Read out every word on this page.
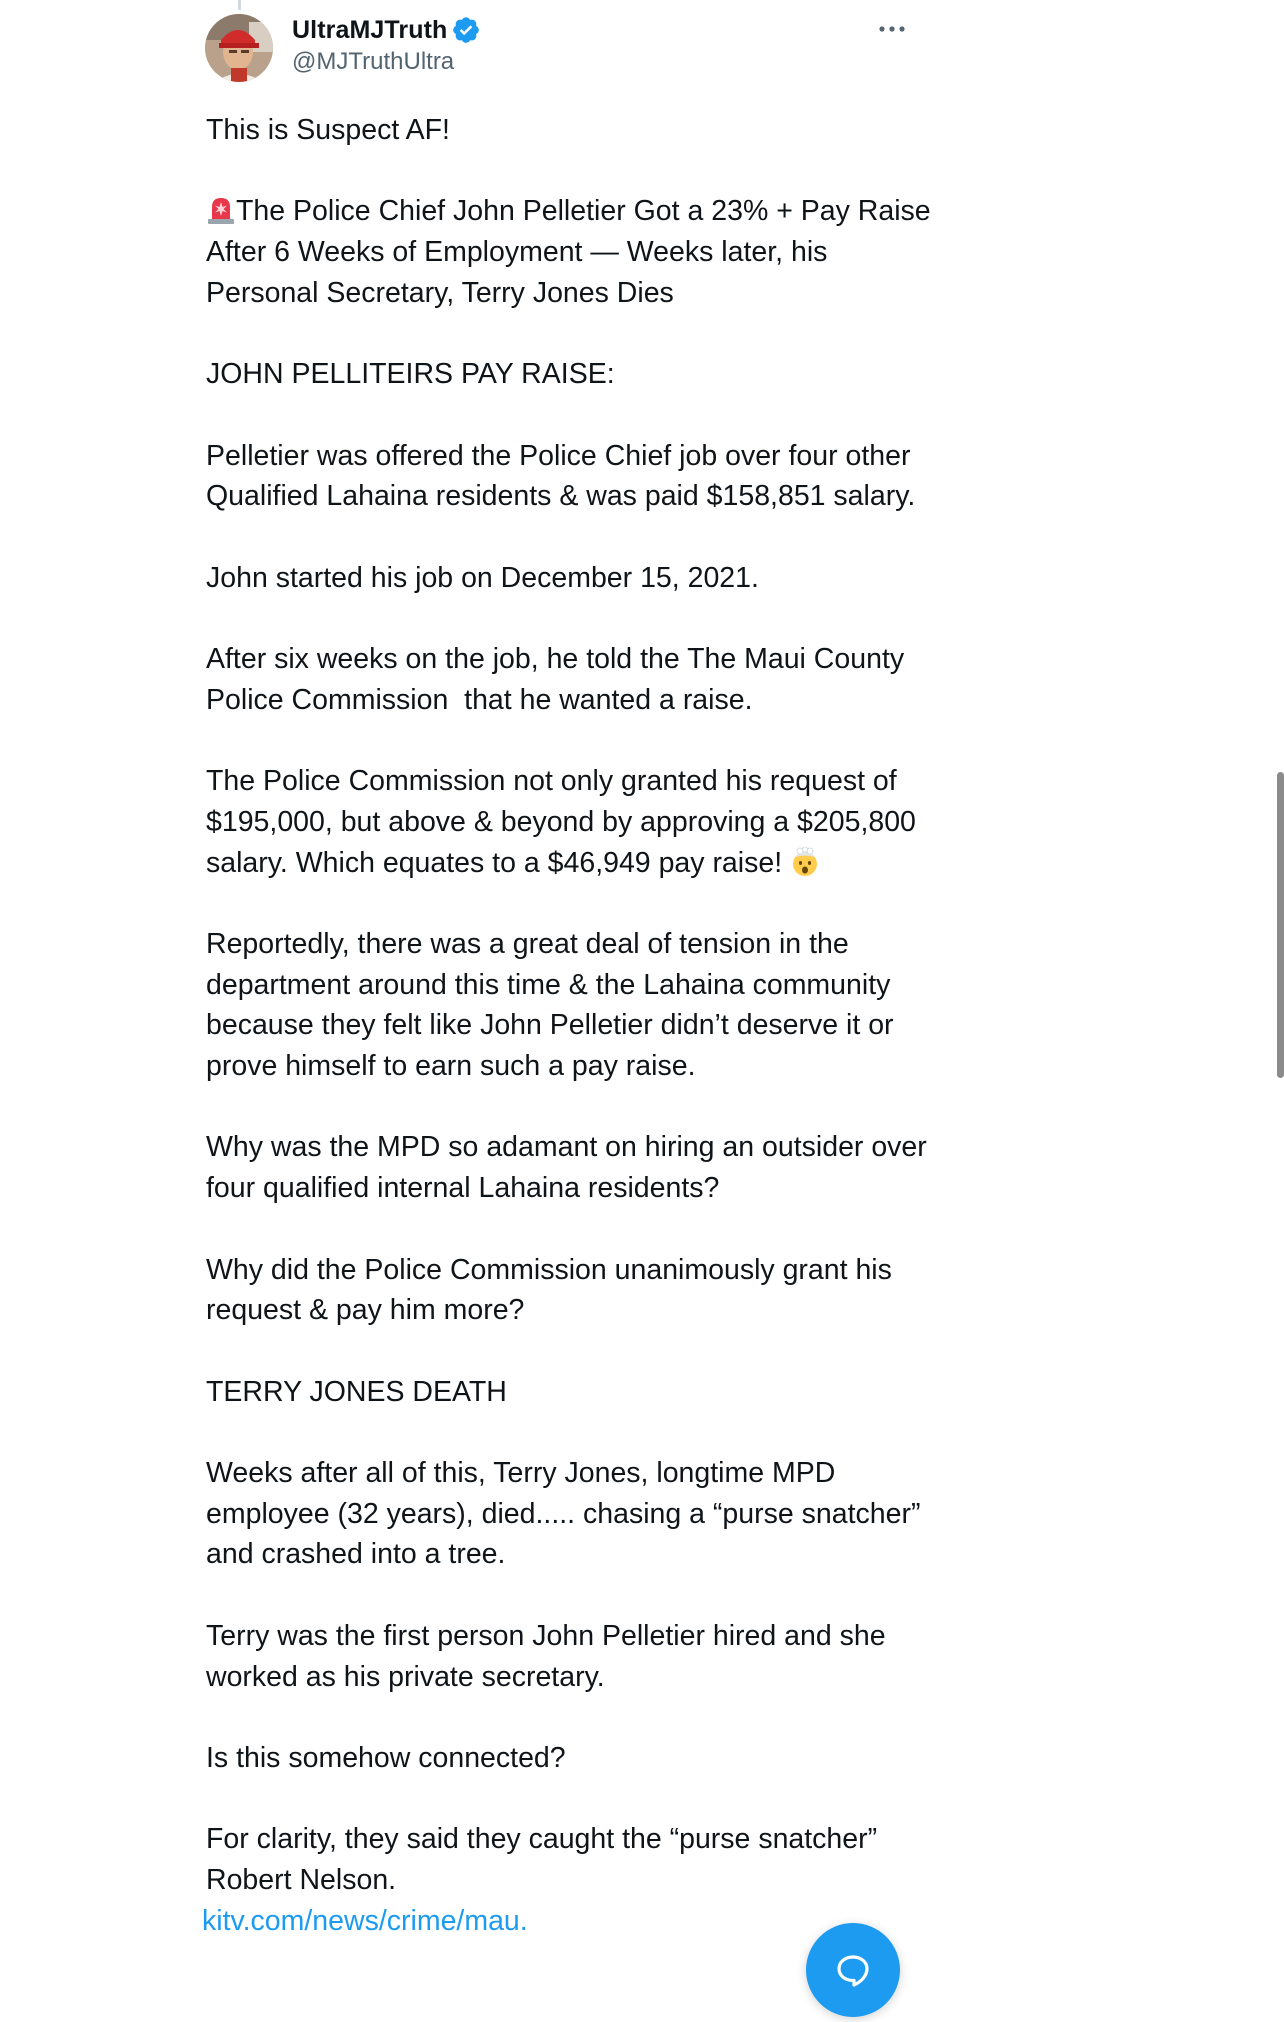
UltraMJTruth
@MJTruthUltra

This is Suspect AF!

The Police Chief John Pelletier Got a 23% + Pay Raise After 6 Weeks of Employment — Weeks later, his Personal Secretary, Terry Jones Dies

JOHN PELLITEIRS PAY RAISE:

Pelletier was offered the Police Chief job over four other Qualified Lahaina residents & was paid $158,851 salary.

John started his job on December 15, 2021.

After six weeks on the job, he told the The Maui County Police Commission  that he wanted a raise.

The Police Commission not only granted his request of $195,000, but above & beyond by approving a $205,800 salary. Which equates to a $46,949 pay raise!

Reportedly, there was a great deal of tension in the department around this time & the Lahaina community because they felt like John Pelletier didn’t deserve it or prove himself to earn such a pay raise.

Why was the MPD so adamant on hiring an outsider over four qualified internal Lahaina residents?

Why did the Police Commission unanimously grant his request & pay him more?

TERRY JONES DEATH

Weeks after all of this, Terry Jones, longtime MPD employee (32 years), died..... chasing a “purse snatcher” and crashed into a tree.

Terry was the first person John Pelletier hired and she worked as his private secretary.

Is this somehow connected?

For clarity, they said they caught the “purse snatcher” Robert Nelson.
kitv.com/news/crime/mau.
